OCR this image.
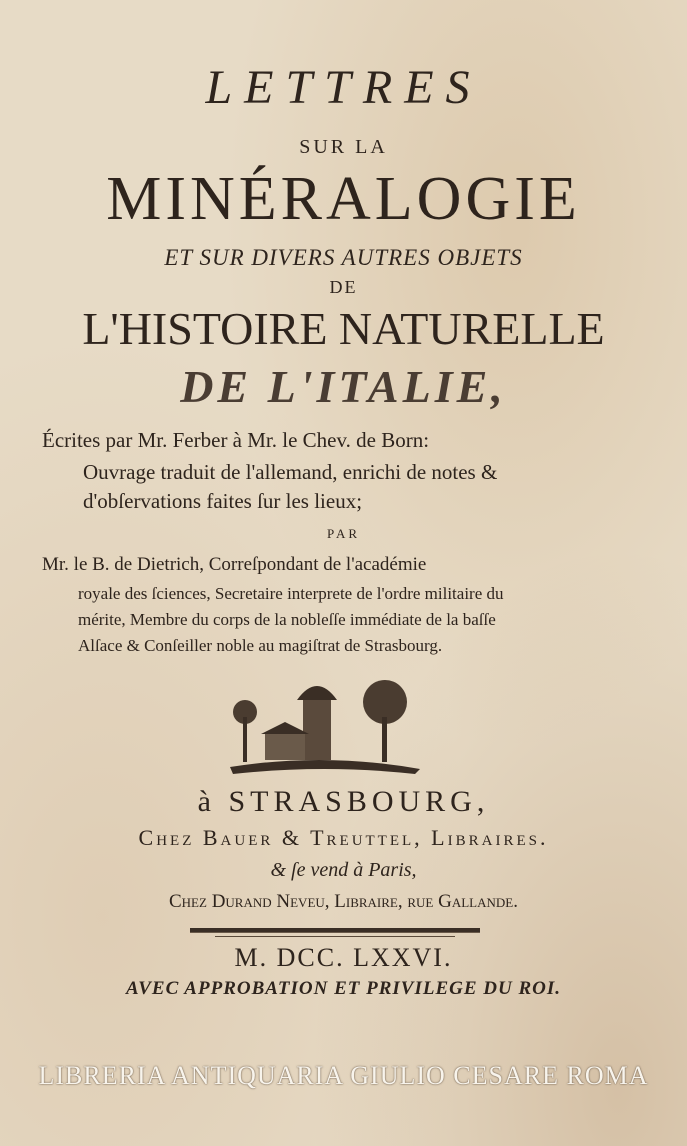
LETTRES
SUR LA
MINÉRALOGIE
ET SUR DIVERS AUTRES OBJETS
DE
L'HISTOIRE NATURELLE
DE L'ITALIE,
Écrites par Mr. Ferber à Mr. le Chev. de Born:
Ouvrage traduit de l'allemand, enrichi de notes &
d'obſervations faites ſur les lieux;
PAR
Mr. le B. de Dietrich, Correſpondant de l'académie
royale des ſciences, Secretaire interprete de l'ordre militaire du
mérite, Membre du corps de la nobleſſe immédiate de la baſſe
Alſace & Conſeiller noble au magiſtrat de Strasbourg.
à STRASBOURG,
Chez Bauer & Treuttel, Libraires.
& ſe vend à Paris,
Chez Durand Neveu, Libraire, rue Gallande.
M. DCC. LXXVI.
AVEC APPROBATION ET PRIVILEGE DU ROI.
LIBRERIA ANTIQUARIA GIULIO CESARE ROMA
